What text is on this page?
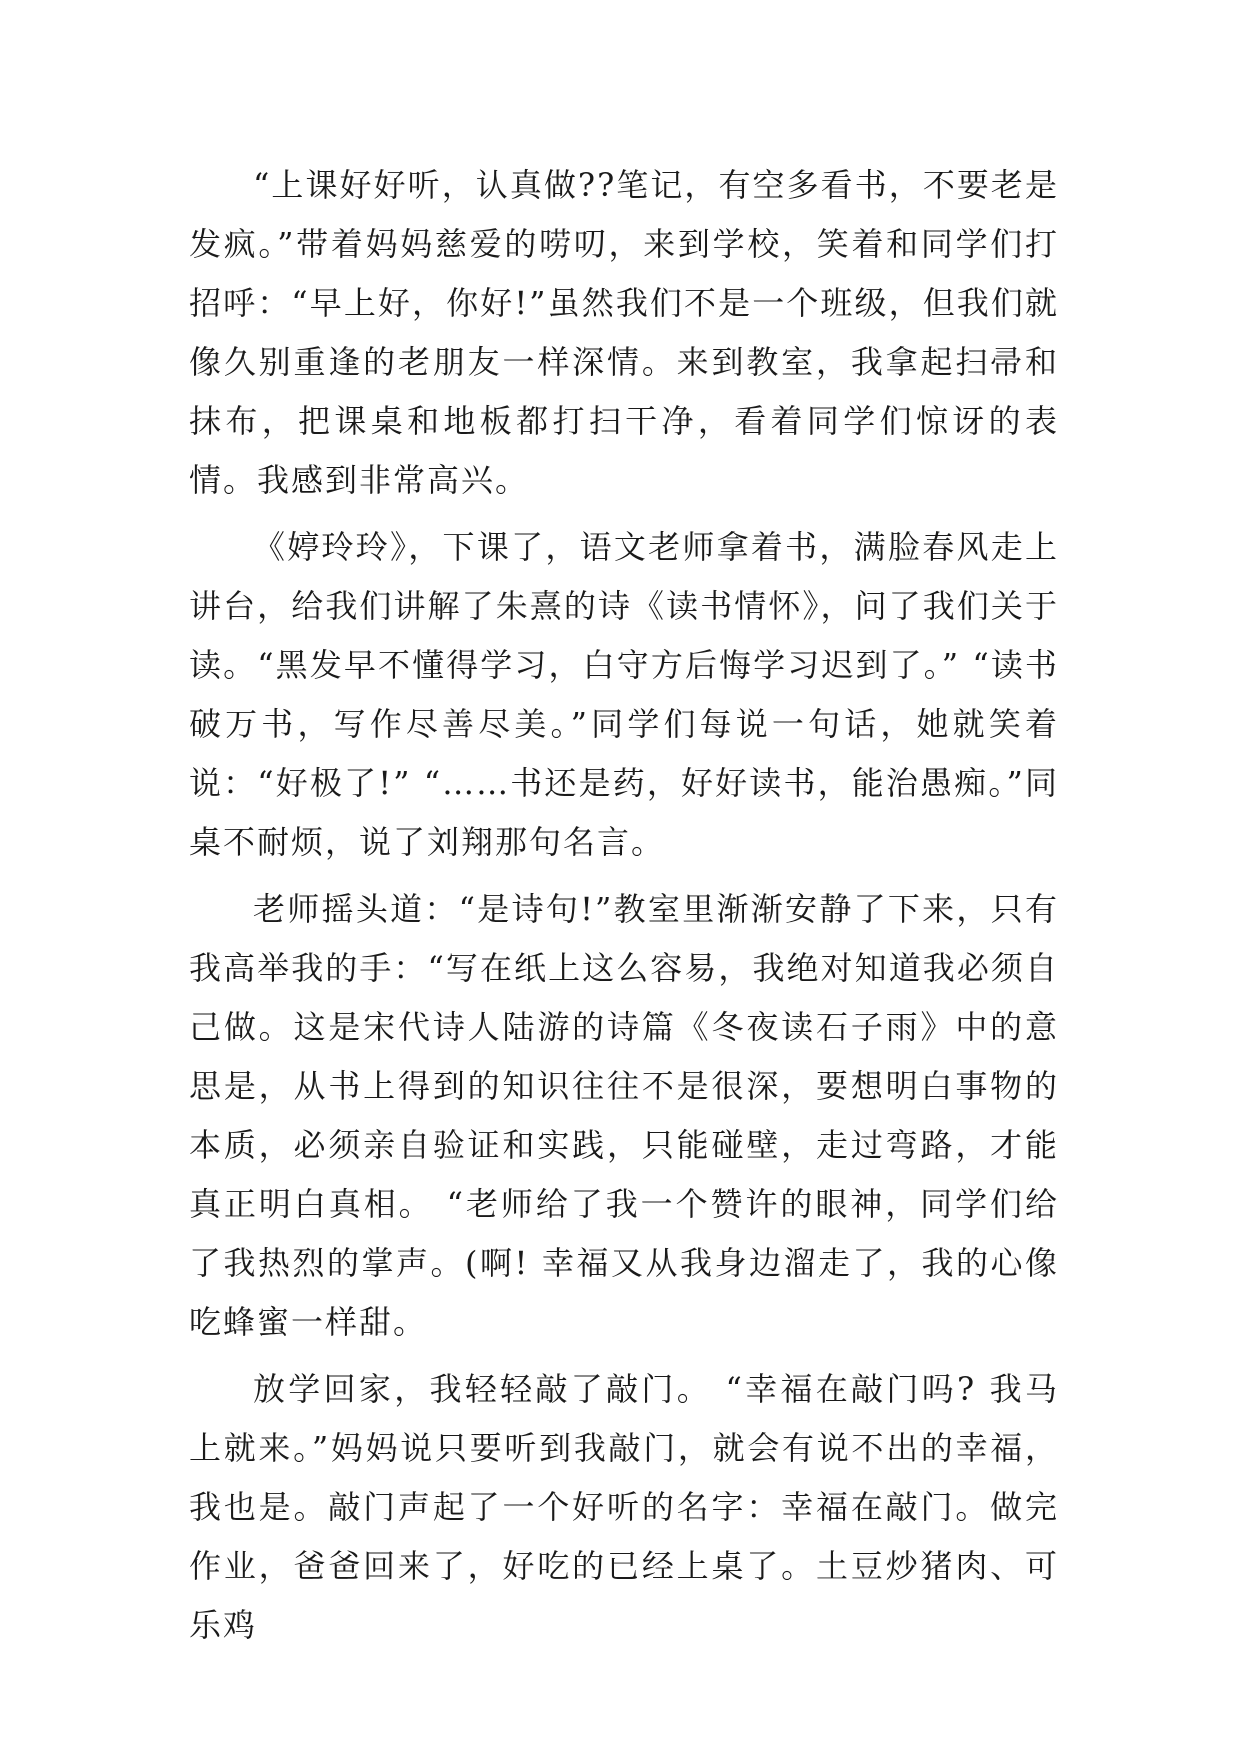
“上课好好听，认真做??笔记，有空多看书，不要老是发疯。”带着妈妈慈爱的唠叨，来到学校，笑着和同学们打招呼：“早上好，你好!”虽然我们不是一个班级，但我们就像久别重逢的老朋友一样深情。来到教室，我拿起扫帚和抹布，把课桌和地板都打扫干净，看着同学们惊讶的表情。我感到非常高兴。

《婷玲玲》，下课了，语文老师拿着书，满脸春风走上讲台，给我们讲解了朱熹的诗《读书情怀》，问了我们关于读。“黑发早不懂得学习，白守方后悔学习迟到了。” “读书破万书，写作尽善尽美。”同学们每说一句话，她就笑着说：“好极了!” “……书还是药，好好读书，能治愚痴。”同桌不耐烦，说了刘翔那句名言。

老师摇头道：“是诗句!”教室里渐渐安静了下来，只有我高举我的手：“写在纸上这么容易，我绝对知道我必须自己做。这是宋代诗人陆游的诗篇《冬夜读石子雨》中的意思是，从书上得到的知识往往不是很深，要想明白事物的本质，必须亲自验证和实践，只能碰壁，走过弯路，才能真正明白真相。 “老师给了我一个赞许的眼神，同学们给了我热烈的掌声。(啊! 幸福又从我身边溜走了，我的心像吃蜂蜜一样甜。

放学回家，我轻轻敲了敲门。 “幸福在敲门吗? 我马上就来。”妈妈说只要听到我敲门，就会有说不出的幸福，我也是。敲门声起了一个好听的名字：幸福在敲门。做完作业，爸爸回来了，好吃的已经上桌了。土豆炒猪肉、可乐鸡
